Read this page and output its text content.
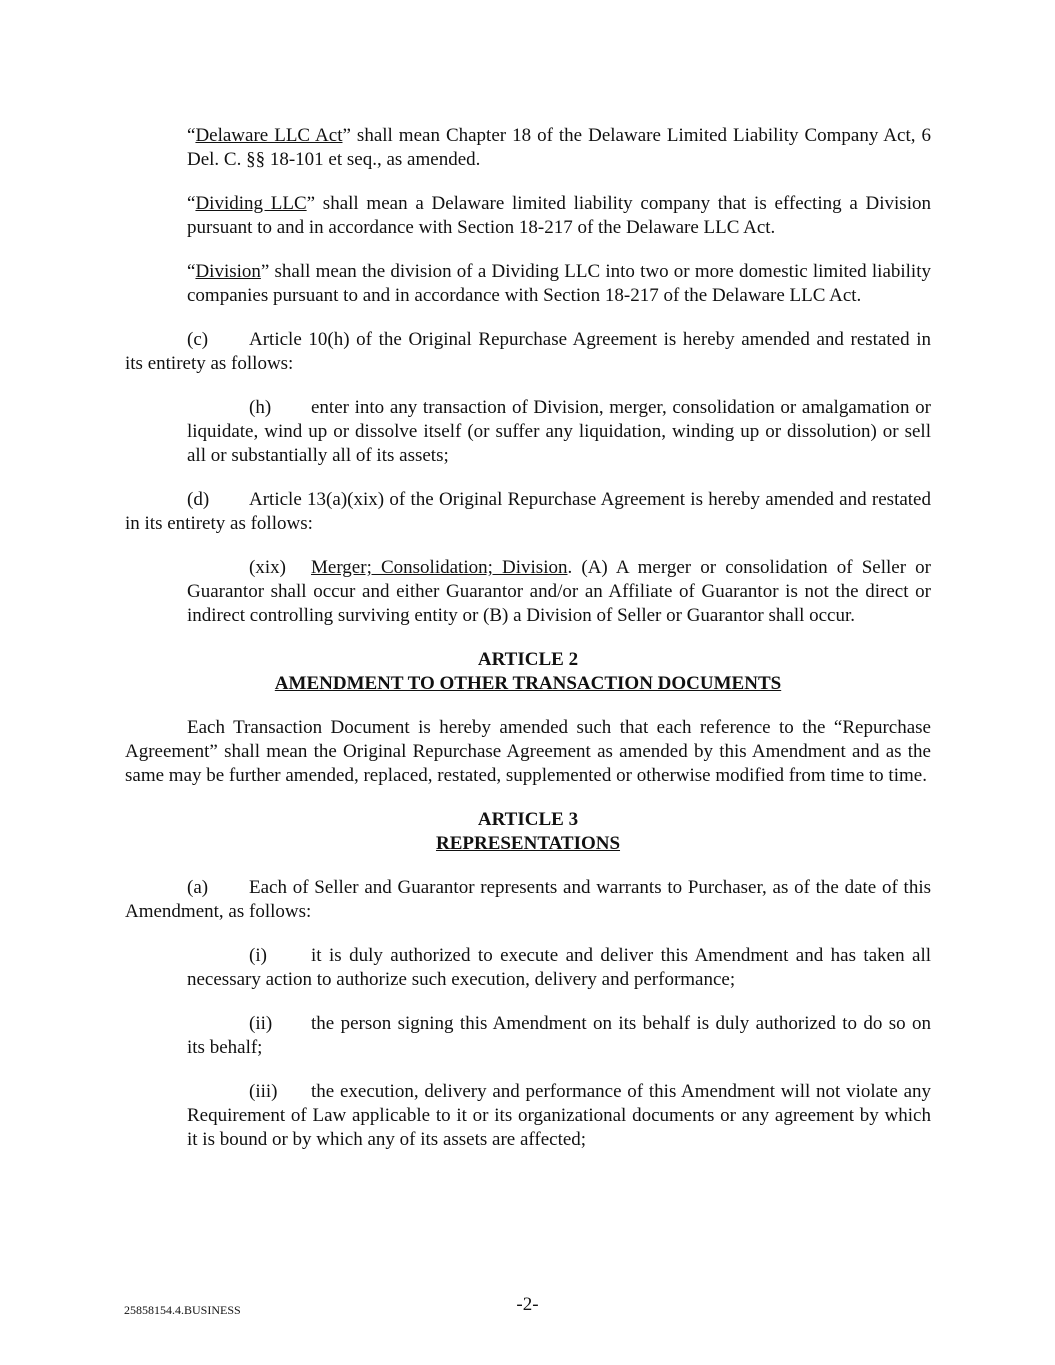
“Delaware LLC Act” shall mean Chapter 18 of the Delaware Limited Liability Company Act, 6 Del. C. §§ 18-101 et seq., as amended.

“Dividing LLC” shall mean a Delaware limited liability company that is effecting a Division pursuant to and in accordance with Section 18-217 of the Delaware LLC Act.

“Division” shall mean the division of a Dividing LLC into two or more domestic limited liability companies pursuant to and in accordance with Section 18-217 of the Delaware LLC Act.

(c) Article 10(h) of the Original Repurchase Agreement is hereby amended and restated in its entirety as follows:

(h) enter into any transaction of Division, merger, consolidation or amalgamation or liquidate, wind up or dissolve itself (or suffer any liquidation, winding up or dissolution) or sell all or substantially all of its assets;

(d) Article 13(a)(xix) of the Original Repurchase Agreement is hereby amended and restated in its entirety as follows:

(xix) Merger; Consolidation; Division. (A) A merger or consolidation of Seller or Guarantor shall occur and either Guarantor and/or an Affiliate of Guarantor is not the direct or indirect controlling surviving entity or (B) a Division of Seller or Guarantor shall occur.

ARTICLE 2
AMENDMENT TO OTHER TRANSACTION DOCUMENTS

Each Transaction Document is hereby amended such that each reference to the “Repurchase Agreement” shall mean the Original Repurchase Agreement as amended by this Amendment and as the same may be further amended, replaced, restated, supplemented or otherwise modified from time to time.

ARTICLE 3
REPRESENTATIONS

(a) Each of Seller and Guarantor represents and warrants to Purchaser, as of the date of this Amendment, as follows:

(i) it is duly authorized to execute and deliver this Amendment and has taken all necessary action to authorize such execution, delivery and performance;

(ii) the person signing this Amendment on its behalf is duly authorized to do so on its behalf;

(iii) the execution, delivery and performance of this Amendment will not violate any Requirement of Law applicable to it or its organizational documents or any agreement by which it is bound or by which any of its assets are affected;

25858154.4.BUSINESS	-2-
